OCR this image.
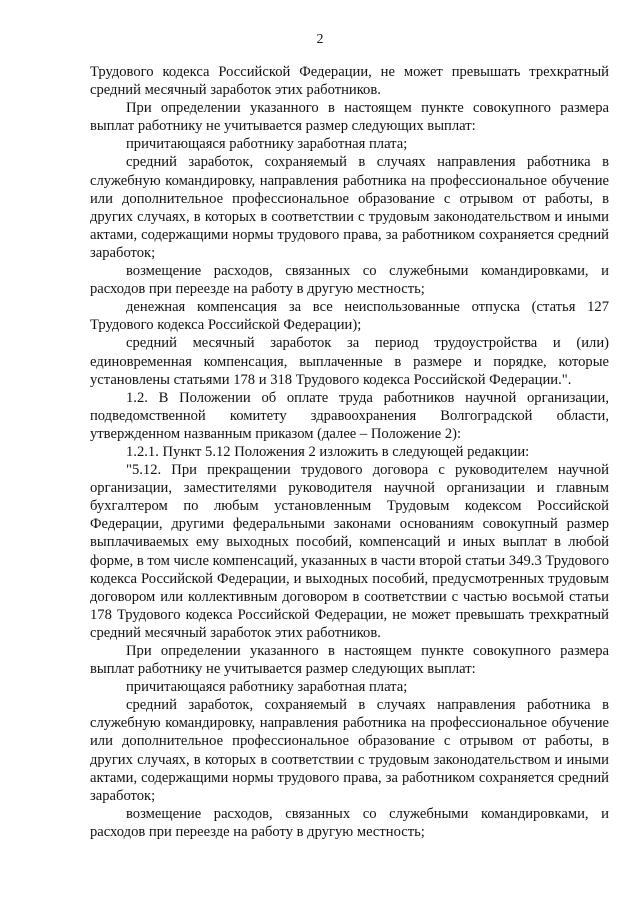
2

Трудового кодекса Российской Федерации, не может превышать трехкратный средний месячный заработок этих работников.

При определении указанного в настоящем пункте совокупного размера выплат работнику не учитывается размер следующих выплат:

причитающаяся работнику заработная плата;

средний заработок, сохраняемый в случаях направления работника в служебную командировку, направления работника на профессиональное обучение или дополнительное профессиональное образование с отрывом от работы, в других случаях, в которых в соответствии с трудовым законодательством и иными актами, содержащими нормы трудового права, за работником сохраняется средний заработок;

возмещение расходов, связанных со служебными командировками, и расходов при переезде на работу в другую местность;

денежная компенсация за все неиспользованные отпуска (статья 127 Трудового кодекса Российской Федерации);

средний месячный заработок за период трудоустройства и (или) единовременная компенсация, выплаченные в размере и порядке, которые установлены статьями 178 и 318 Трудового кодекса Российской Федерации.".

1.2. В Положении об оплате труда работников научной организации, подведомственной комитету здравоохранения Волгоградской области, утвержденном названным приказом (далее – Положение 2):

1.2.1. Пункт 5.12 Положения 2 изложить в следующей редакции:

"5.12. При прекращении трудового договора с руководителем научной организации, заместителями руководителя научной организации и главным бухгалтером по любым установленным Трудовым кодексом Российской Федерации, другими федеральными законами основаниям совокупный размер выплачиваемых ему выходных пособий, компенсаций и иных выплат в любой форме, в том числе компенсаций, указанных в части второй статьи 349.3 Трудового кодекса Российской Федерации, и выходных пособий, предусмотренных трудовым договором или коллективным договором в соответствии с частью восьмой статьи 178 Трудового кодекса Российской Федерации, не может превышать трехкратный средний месячный заработок этих работников.

При определении указанного в настоящем пункте совокупного размера выплат работнику не учитывается размер следующих выплат:

причитающаяся работнику заработная плата;

средний заработок, сохраняемый в случаях направления работника в служебную командировку, направления работника на профессиональное обучение или дополнительное профессиональное образование с отрывом от работы, в других случаях, в которых в соответствии с трудовым законодательством и иными актами, содержащими нормы трудового права, за работником сохраняется средний заработок;

возмещение расходов, связанных со служебными командировками, и расходов при переезде на работу в другую местность;
